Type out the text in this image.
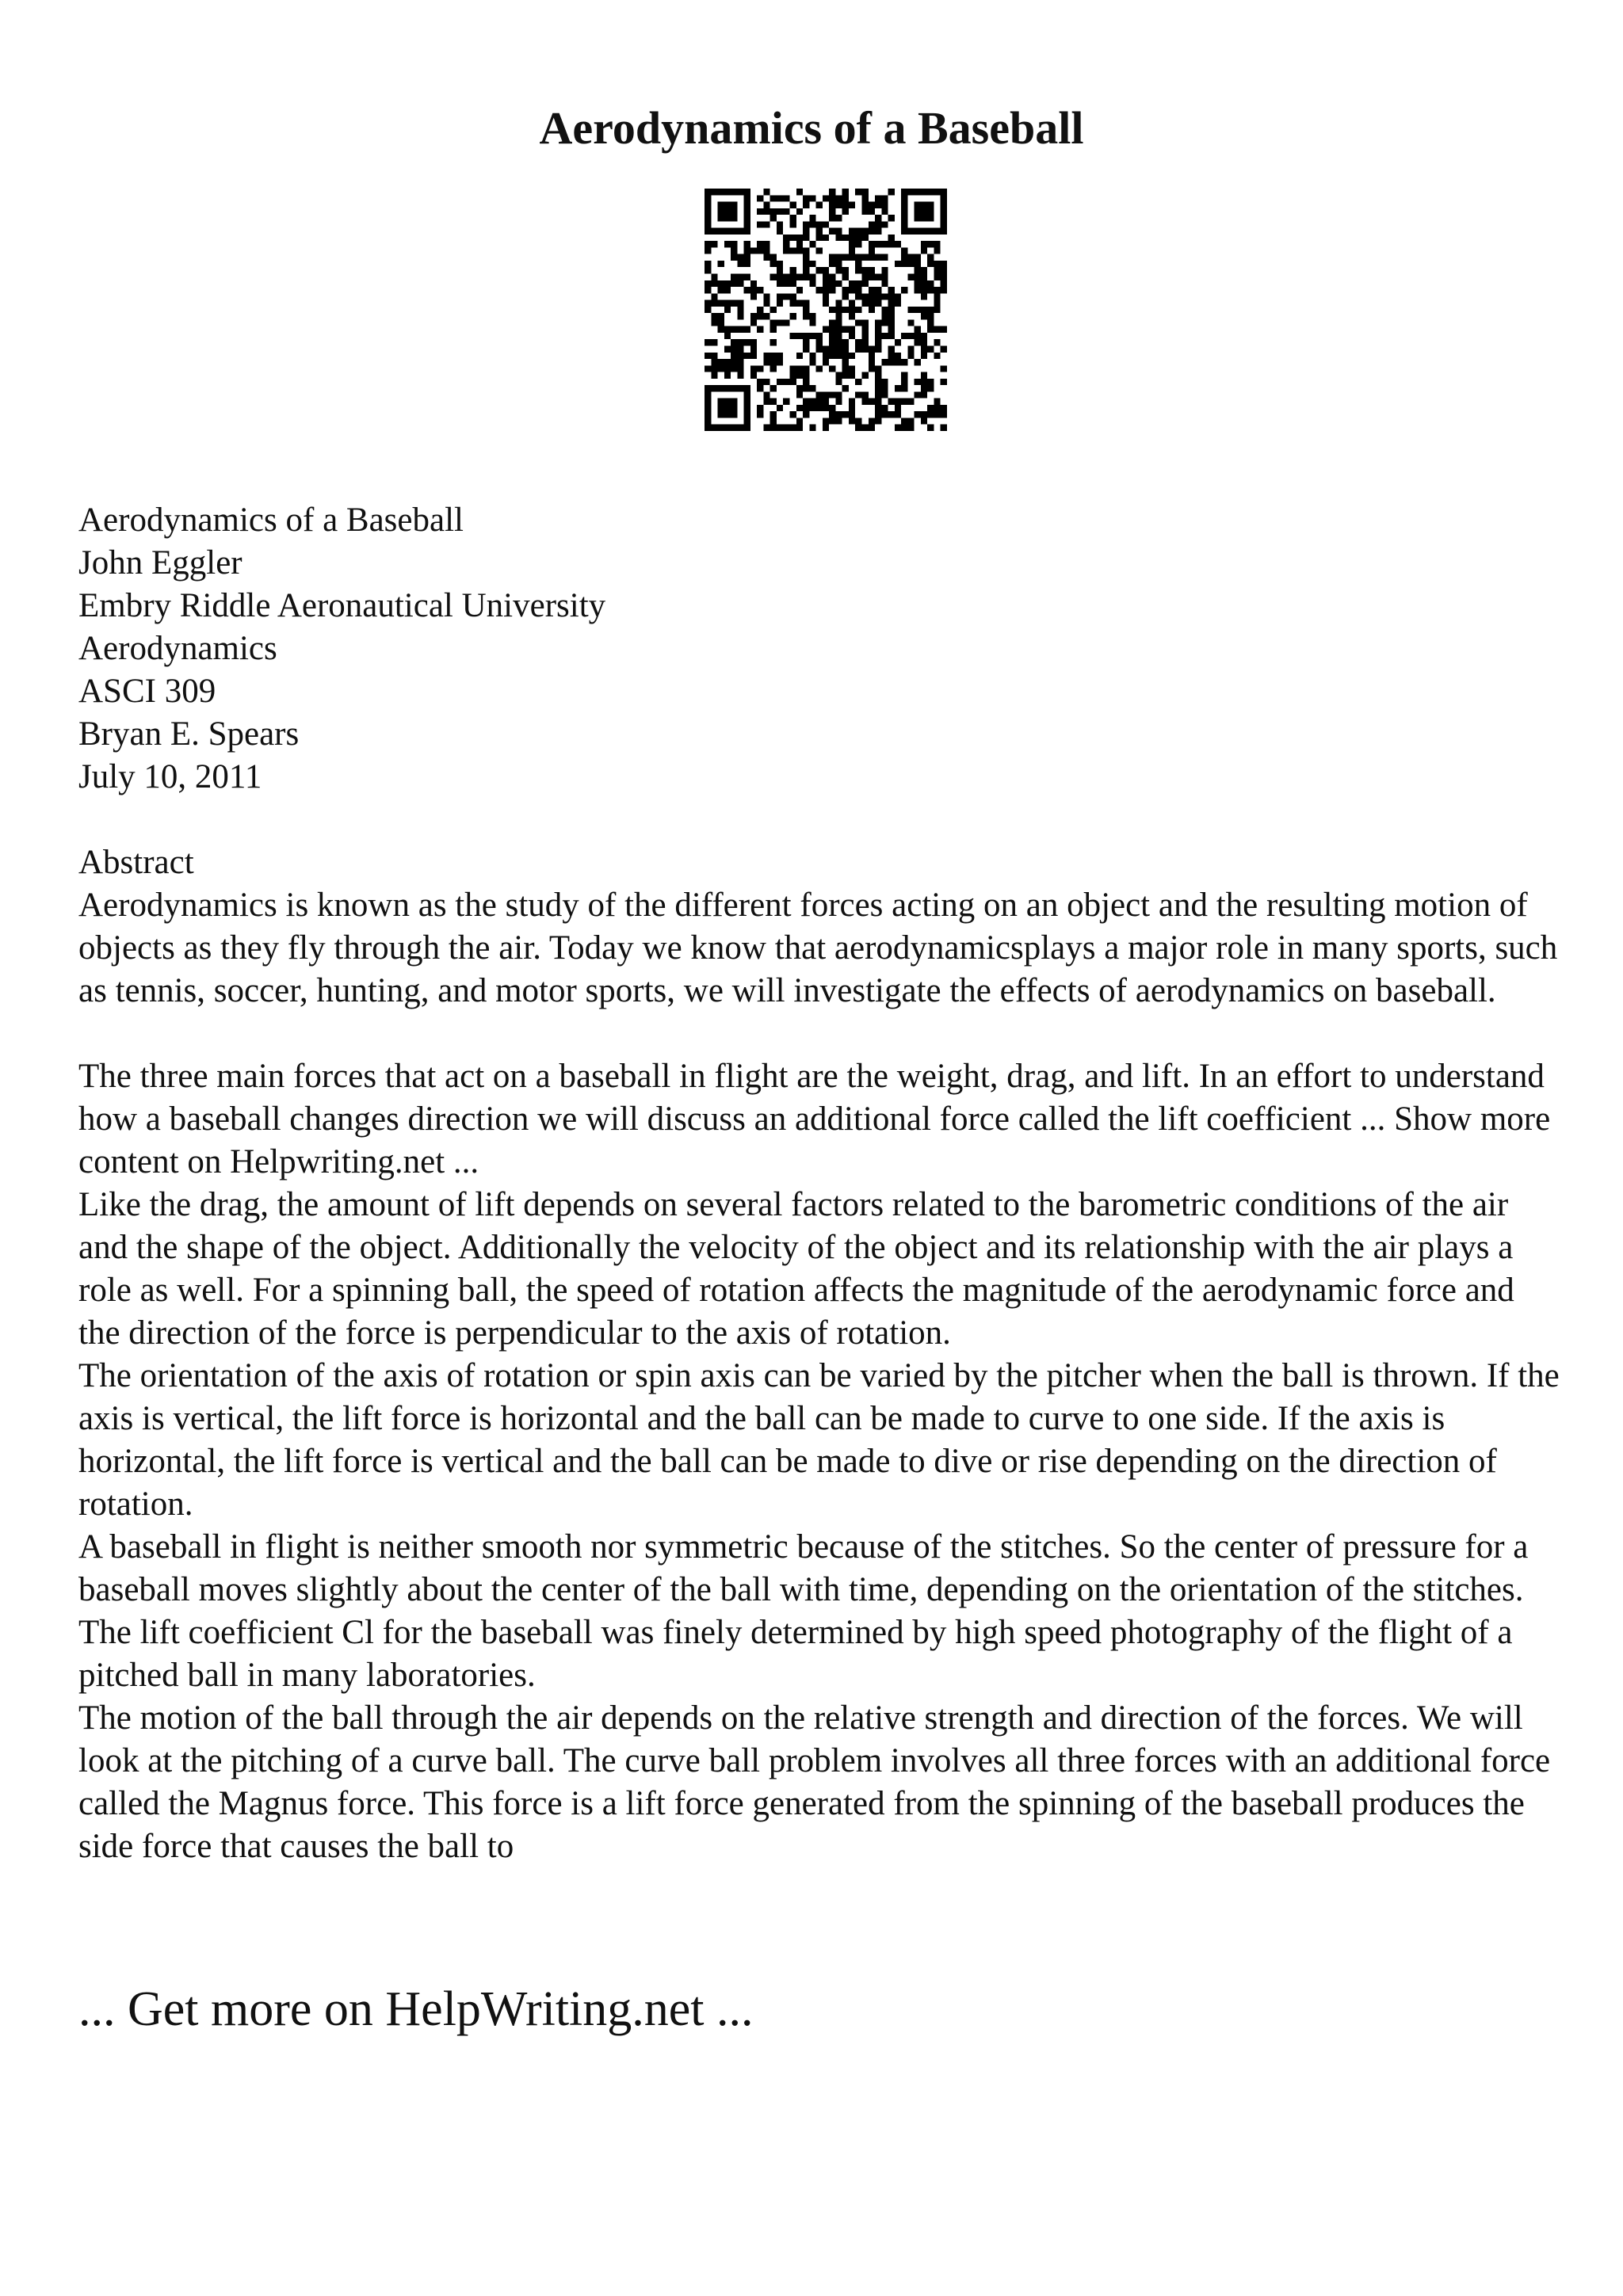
Aerodynamics of a Baseball
Aerodynamics of a Baseball
John Eggler
Embry Riddle Aeronautical University
Aerodynamics
ASCI 309
Bryan E. Spears
July 10, 2011
Abstract

Aerodynamics is known as the study of the different forces acting on an object and the resulting motion of objects as they fly through the air. Today we know that aerodynamicsplays a major role in many sports, such as tennis, soccer, hunting, and motor sports, we will investigate the effects of aerodynamics on baseball.

The three main forces that act on a baseball in flight are the weight, drag, and lift. In an effort to understand how a baseball changes direction we will discuss an additional force called the lift coefficient ... Show more content on Helpwriting.net ...

Like the drag, the amount of lift depends on several factors related to the barometric conditions of the air and the shape of the object. Additionally the velocity of the object and its relationship with the air plays a role as well. For a spinning ball, the speed of rotation affects the magnitude of the aerodynamic force and the direction of the force is perpendicular to the axis of rotation.

The orientation of the axis of rotation or spin axis can be varied by the pitcher when the ball is thrown. If the axis is vertical, the lift force is horizontal and the ball can be made to curve to one side. If the axis is horizontal, the lift force is vertical and the ball can be made to dive or rise depending on the direction of rotation.

A baseball in flight is neither smooth nor symmetric because of the stitches. So the center of pressure for a baseball moves slightly about the center of the ball with time, depending on the orientation of the stitches. The lift coefficient Cl for the baseball was finely determined by high speed photography of the flight of a pitched ball in many laboratories.

The motion of the ball through the air depends on the relative strength and direction of the forces. We will look at the pitching of a curve ball. The curve ball problem involves all three forces with an additional force called the Magnus force. This force is a lift force generated from the spinning of the baseball produces the side force that causes the ball to

... Get more on HelpWriting.net ...
